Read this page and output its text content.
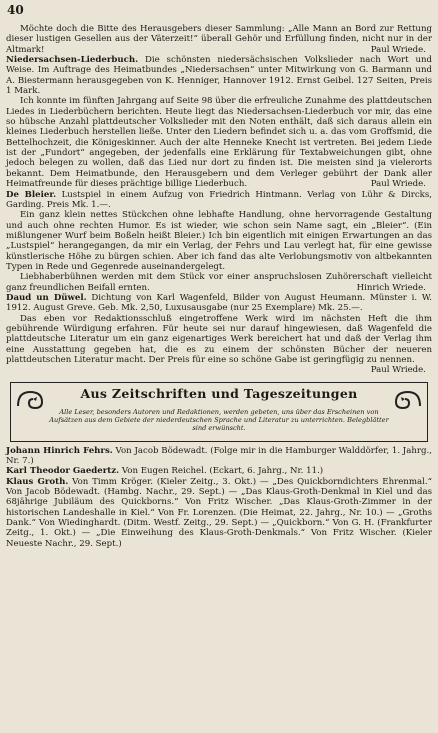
40

Möchte doch die Bitte des Herausgebers dieser Sammlung: „Alle Mann an Bord zur Rettung dieser lustigen Gesellen aus der Väterzeit!“ überall Gehör und Erfüllung finden, nicht nur in der Altmark!	Paul Wriede.

Niedersachsen-Liederbuch. Die schönsten niedersächsischen Volkslieder nach Wort und Weise. Im Auftrage des Heimatbundes „Niedersachsen“ unter Mitwirkung von G. Barmann und A. Biestermann herausgegeben von K. Henniger, Hannover 1912. Ernst Geibel. 127 Seiten, Preis 1 Mark.

Ich konnte im fünften Jahrgang auf Seite 98 über die erfreuliche Zunahme des plattdeutschen Liedes in Liederbüchern berichten. Heute liegt das Niedersachsen-Liederbuch vor mir, das eine so hübsche Anzahl plattdeutscher Volkslieder mit den Noten enthält, daß sich daraus allein ein kleines Liederbuch herstellen ließe. Unter den Liedern befindet sich u. a. das vom Groffsmid, die Bettelhochzeit, die Königeskinner. Auch der alte Henneke Knecht ist vertreten. Bei jedem Liede ist der „Fundort“ angegeben, der jedenfalls eine Erklärung für Textabweichungen gibt, ohne jedoch belegen zu wollen, daß das Lied nur dort zu finden ist. Die meisten sind ja vielerorts bekannt. Dem Heimatbunde, den Herausgebern und dem Verleger gebührt der Dank aller Heimatfreunde für dieses prächtige billige Liederbuch.	Paul Wriede.

De Bleier. Lustspiel in einem Aufzug von Friedrich Hintmann. Verlag von Lühr & Dircks, Garding. Preis Mk. 1.—.

Ein ganz klein nettes Stückchen ohne lebhafte Handlung, ohne hervorragende Gestaltung und auch ohne rechten Humor. Es ist wieder, wie schon sein Name sagt, ein „Bleier“. (Ein mißlungener Wurf beim Boßeln heißt Bleier.) Ich bin eigentlich mit einigen Erwartungen an das „Lustspiel“ herangegangen, da mir ein Verlag, der Fehrs und Lau verlegt hat, für eine gewisse künstlerische Höhe zu bürgen schien. Aber ich fand das alte Verlobungsmotiv von altbekannten Typen in Rede und Gegenrede auseinandergelegt.

Liebhaberbühnen werden mit dem Stück vor einer anspruchslosen Zuhörerschaft vielleicht ganz freundlichen Beifall ernten.	Hinrich Wriede.

Daud un Düwel. Dichtung von Karl Wagenfeld, Bilder von August Heumann. Münster i. W. 1912. August Greve. Geb. Mk. 2,50, Luxusausgabe (nur 25 Exemplare) Mk. 25.—.

Das eben vor Redaktionsschluß eingetroffene Werk wird im nächsten Heft die ihm gebührende Würdigung erfahren. Für heute sei nur darauf hingewiesen, daß Wagenfeld die plattdeutsche Literatur um ein ganz eigenartiges Werk bereichert hat und daß der Verlag ihm eine Ausstattung gegeben hat, die es zu einem der schönsten Bücher der neueren plattdeutschen Literatur macht. Der Preis für eine so schöne Gabe ist geringfügig zu nennen.
Paul Wriede.

Aus Zeitschriften und Tageszeitungen
Alle Leser, besonders Autoren und Redaktionen, werden gebeten, uns über das Erscheinen von Aufsätzen aus dem Gebiete der niederdeutschen Sprache und Literatur zu unterrichten. Belegblätter sind erwünscht.

Johann Hinrich Fehrs. Von Jacob Bödewadt. (Folge mir in die Hamburger Walddörfer, 1. Jahrg., Nr. 7.)

Karl Theodor Gaedertz. Von Eugen Reichel. (Eckart, 6. Jahrg., Nr. 11.)

Klaus Groth. Von Timm Kröger. (Kieler Zeitg., 3. Okt.) — „Des Quickborndichters Ehrenmal.“ Von Jacob Bödewadt. (Hambg. Nachr., 29. Sept.) — „Das Klaus-Groth-Denkmal in Kiel und das 68jährige Jubiläum des Quickborns.“ Von Fritz Wischer. „Das Klaus-Groth-Zimmer in der historischen Landeshalle in Kiel.“ Von Fr. Lorenzen. (Die Heimat, 22. Jahrg., Nr. 10.) — „Groths Dank.“ Von Wiedinghardt. (Ditm. Westf. Zeitg., 29. Sept.) — „Quickborn.“ Von G. H. (Frankfurter Zeitg., 1. Okt.) — „Die Einweihung des Klaus-Groth-Denkmals.“ Von Fritz Wischer. (Kieler Neueste Nachr., 29. Sept.)
